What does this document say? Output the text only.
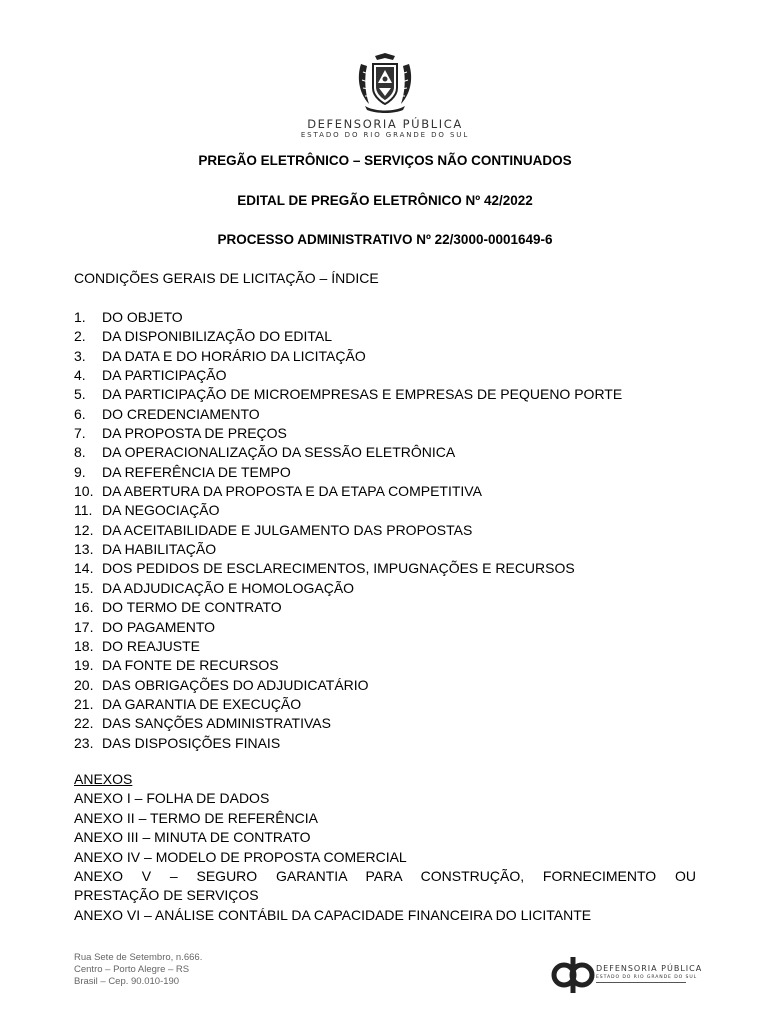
DEFENSORIA PÚBLICA
ESTADO DO RIO GRANDE DO SUL
PREGÃO ELETRÔNICO – SERVIÇOS NÃO CONTINUADOS
EDITAL DE PREGÃO ELETRÔNICO Nº 42/2022
PROCESSO ADMINISTRATIVO Nº 22/3000-0001649-6
CONDIÇÕES GERAIS DE LICITAÇÃO – ÍNDICE
1. DO OBJETO
2. DA DISPONIBILIZAÇÃO DO EDITAL
3. DA DATA E DO HORÁRIO DA LICITAÇÃO
4. DA PARTICIPAÇÃO
5. DA PARTICIPAÇÃO DE MICROEMPRESAS E EMPRESAS DE PEQUENO PORTE
6. DO CREDENCIAMENTO
7. DA PROPOSTA DE PREÇOS
8. DA OPERACIONALIZAÇÃO DA SESSÃO ELETRÔNICA
9. DA REFERÊNCIA DE TEMPO
10. DA ABERTURA DA PROPOSTA E DA ETAPA COMPETITIVA
11. DA NEGOCIAÇÃO
12. DA ACEITABILIDADE E JULGAMENTO DAS PROPOSTAS
13. DA HABILITAÇÃO
14. DOS PEDIDOS DE ESCLARECIMENTOS, IMPUGNAÇÕES E RECURSOS
15. DA ADJUDICAÇÃO E HOMOLOGAÇÃO
16. DO TERMO DE CONTRATO
17. DO PAGAMENTO
18. DO REAJUSTE
19. DA FONTE DE RECURSOS
20. DAS OBRIGAÇÕES DO ADJUDICATÁRIO
21. DA GARANTIA DE EXECUÇÃO
22. DAS SANÇÕES ADMINISTRATIVAS
23. DAS DISPOSIÇÕES FINAIS
ANEXOS
ANEXO I – FOLHA DE DADOS
ANEXO II – TERMO DE REFERÊNCIA
ANEXO III – MINUTA DE CONTRATO
ANEXO IV – MODELO DE PROPOSTA COMERCIAL
ANEXO V – SEGURO GARANTIA PARA CONSTRUÇÃO, FORNECIMENTO OU
PRESTAÇÃO DE SERVIÇOS
ANEXO VI – ANÁLISE CONTÁBIL DA CAPACIDADE FINANCEIRA DO LICITANTE
Rua Sete de Setembro, n.666.
Centro – Porto Alegre – RS
Brasil – Cep. 90.010-190
DEFENSORIA PÚBLICA
ESTADO DO RIO GRANDE DO SUL
